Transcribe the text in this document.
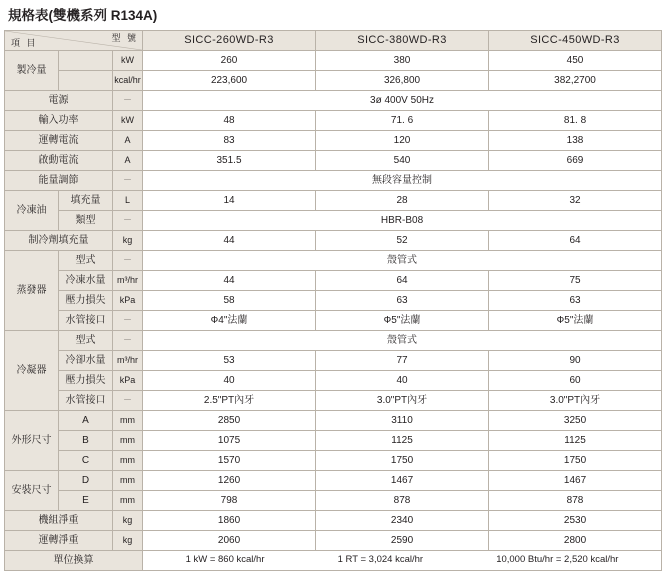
規格表(雙機系列 R134A)
型 號
項 目			SICC-260WD-R3	SICC-380WD-R3	SICC-450WD-R3
製冷量		kW	260	380	450
		kcal/hr	223,600	326,800	382,2700
電源		－	3ø 400V 50Hz		
輸入功率		kW	48	71. 6	81. 8
運轉電流		A	83	120	138
啟動電流		A	351.5	540	669
能量調節		－	無段容量控制		
冷凍油	填充量	L	14	28	32
	類型	－	HBR-B08		
制冷劑填充量		kg	44	52	64
蒸發器	型式	－	殼管式		
	冷凍水量	m³/hr	44	64	75
	壓力損失	kPa	58	63	63
	水管接口	－	Ф4"法蘭	Ф5"法蘭	Ф5"法蘭
冷凝器	型式	－	殼管式		
	冷卻水量	m³/hr	53	77	90
	壓力損失	kPa	40	40	60
	水管接口	－	2.5"PT內牙	3.0"PT內牙	3.0"PT內牙
外形尺寸	A	mm	2850	3110	3250
	B	mm	1075	1125	1125
	C	mm	1570	1750	1750
安裝尺寸	D	mm	1260	1467	1467
	E	mm	798	878	878
機組淨重		kg	1860	2340	2530
運轉淨重		kg	2060	2590	2800
單位換算			1 kW = 860 kcal/hr 1 RT = 3,024 kcal/hr 10,000 Btu/hr = 2,520 kcal/hr		
